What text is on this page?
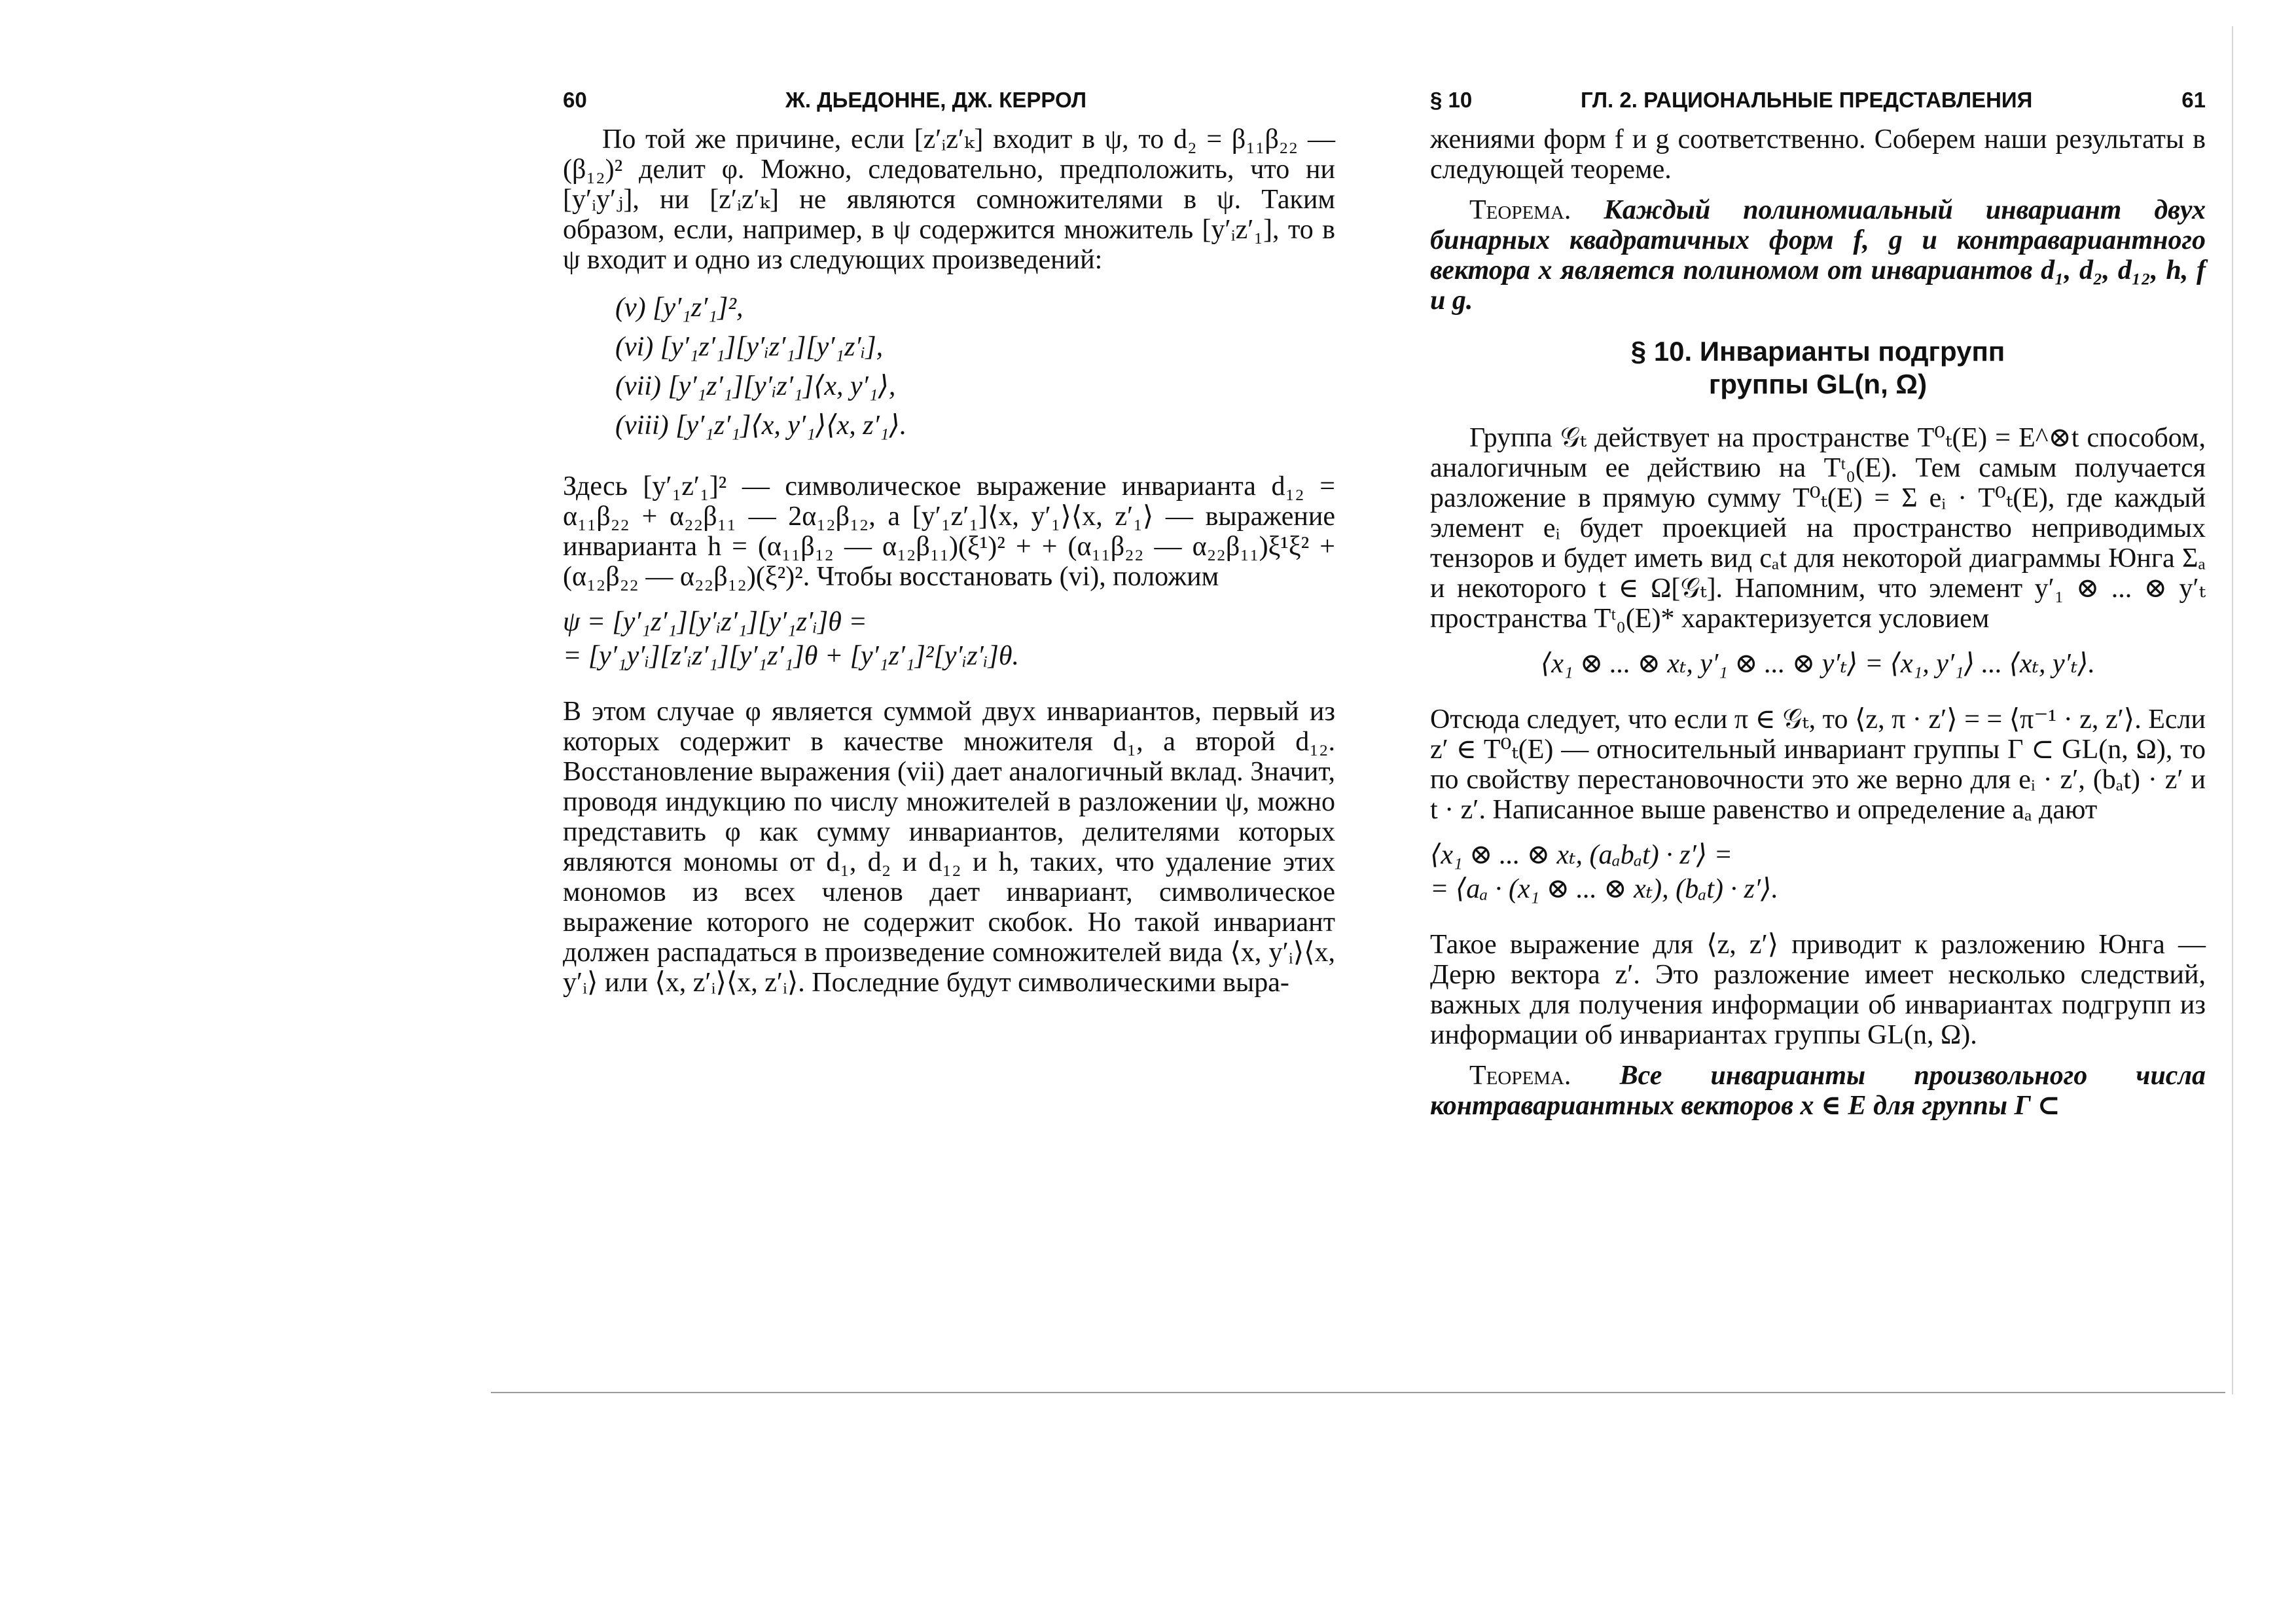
60	Ж. ДЬЕДОННЕ, ДЖ. КЕРРОЛ

По той же причине, если [z′ᵢz′ₖ] входит в ψ, то d₂ = β₁₁β₂₂ — (β₁₂)² делит φ. Можно, следовательно, предположить, что ни [y′ᵢy′ⱼ], ни [z′ᵢz′ₖ] не являются сомножителями в ψ. Таким образом, если, например, в ψ содержится множитель [y′ᵢz′₁], то в ψ входит и одно из следующих произведений:

(v) [y′₁z′₁]²,
(vi) [y′₁z′₁][y′ᵢz′₁][y′₁z′ᵢ],
(vii) [y′₁z′₁][y′ᵢz′₁]⟨x, y′₁⟩,
(viii) [y′₁z′₁]⟨x, y′₁⟩⟨x, z′₁⟩.

Здесь [y′₁z′₁]² — символическое выражение инварианта d₁₂ = α₁₁β₂₂ + α₂₂β₁₁ — 2α₁₂β₁₂, а [y′₁z′₁]⟨x, y′₁⟩⟨x, z′₁⟩ — выражение инварианта h = (α₁₁β₁₂ — α₁₂β₁₁)(ξ¹)² + + (α₁₁β₂₂ — α₂₂β₁₁)ξ¹ξ² + (α₁₂β₂₂ — α₂₂β₁₂)(ξ²)². Чтобы восстановать (vi), положим

ψ = [y′₁z′₁][y′ᵢz′₁][y′₁z′ᵢ]θ =
= [y′₁y′ᵢ][z′ᵢz′₁][y′₁z′₁]θ + [y′₁z′₁]²[y′ᵢz′ᵢ]θ.

В этом случае φ является суммой двух инвариантов, первый из которых содержит в качестве множителя d₁, а второй d₁₂. Восстановление выражения (vii) дает аналогичный вклад. Значит, проводя индукцию по числу множителей в разложении ψ, можно представить φ как сумму инвариантов, делителями которых являются мономы от d₁, d₂ и d₁₂ и h, таких, что удаление этих мономов из всех членов дает инвариант, символическое выражение которого не содержит скобок. Но такой инвариант должен распадаться в произведение сомножителей вида ⟨x, y′ᵢ⟩⟨x, y′ᵢ⟩ или ⟨x, z′ᵢ⟩⟨x, z′ᵢ⟩. Последние будут символическими выра-

§ 10	ГЛ. 2. РАЦИОНАЛЬНЫЕ ПРЕДСТАВЛЕНИЯ	61

жениями форм f и g соответственно. Соберем наши результаты в следующей теореме.

Теорема. Каждый полиномиальный инвариант двух бинарных квадратичных форм f, g и контравариантного вектора x является полиномом от инвариантов d₁, d₂, d₁₂, h, f и g.

§ 10. Инварианты подгрупп
группы GL(n, Ω)

Группа 𝒢ₜ действует на пространстве T⁰ₜ(E) = E^⊗t способом, аналогичным ее действию на Tᵗ₀(E). Тем самым получается разложение в прямую сумму T⁰ₜ(E) = Σ eᵢ · T⁰ₜ(E), где каждый элемент eᵢ будет проекцией на пространство неприводимых тензоров и будет иметь вид cₐt для некоторой диаграммы Юнга Σₐ и некоторого t ∈ Ω[𝒢ₜ]. Напомним, что элемент y′₁ ⊗ ... ⊗ y′ₜ пространства Tᵗ₀(E)* характеризуется условием

⟨x₁ ⊗ ... ⊗ xₜ, y′₁ ⊗ ... ⊗ y′ₜ⟩ = ⟨x₁, y′₁⟩ ... ⟨xₜ, y′ₜ⟩.

Отсюда следует, что если π ∈ 𝒢ₜ, то ⟨z, π · z′⟩ = = ⟨π⁻¹ · z, z′⟩. Если z′ ∈ T⁰ₜ(E) — относительный инвариант группы Γ ⊂ GL(n, Ω), то по свойству перестановочности это же верно для eᵢ · z′, (bₐt) · z′ и t · z′. Написанное выше равенство и определение aₐ дают

⟨x₁ ⊗ ... ⊗ xₜ, (aₐbₐt) · z′⟩ =
= ⟨aₐ · (x₁ ⊗ ... ⊗ xₜ), (bₐt) · z′⟩.

Такое выражение для ⟨z, z′⟩ приводит к разложению Юнга — Дерю вектора z′. Это разложение имеет несколько следствий, важных для получения информации об инвариантах подгрупп из информации об инвариантах группы GL(n, Ω).

Теорема. Все инварианты произвольного числа контравариантных векторов x ∈ E для группы Γ ⊂
